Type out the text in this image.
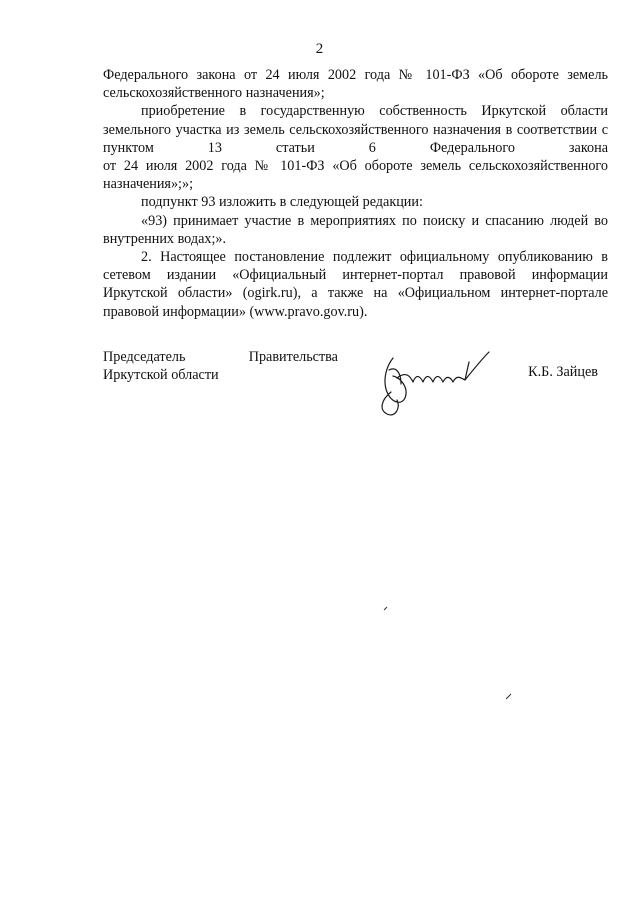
2

Федерального закона от 24 июля 2002 года № 101-ФЗ «Об обороте земель сельскохозяйственного назначения»;

приобретение в государственную собственность Иркутской области земельного участка из земель сельскохозяйственного назначения в соответствии с пунктом 13 статьи 6 Федерального закона

от 24 июля 2002 года № 101-ФЗ «Об обороте земель сельскохозяйственного назначения»;»;

подпункт 93 изложить в следующей редакции:

«93) принимает участие в мероприятиях по поиску и спасанию людей во внутренних водах;».

2. Настоящее постановление подлежит официальному опубликованию в сетевом издании «Официальный интернет-портал правовой информации Иркутской области» (ogirk.ru), а также на «Официальном интернет-портале правовой информации» (www.pravo.gov.ru).

Председатель	Правительства
Иркутской области	К.Б. Зайцев
